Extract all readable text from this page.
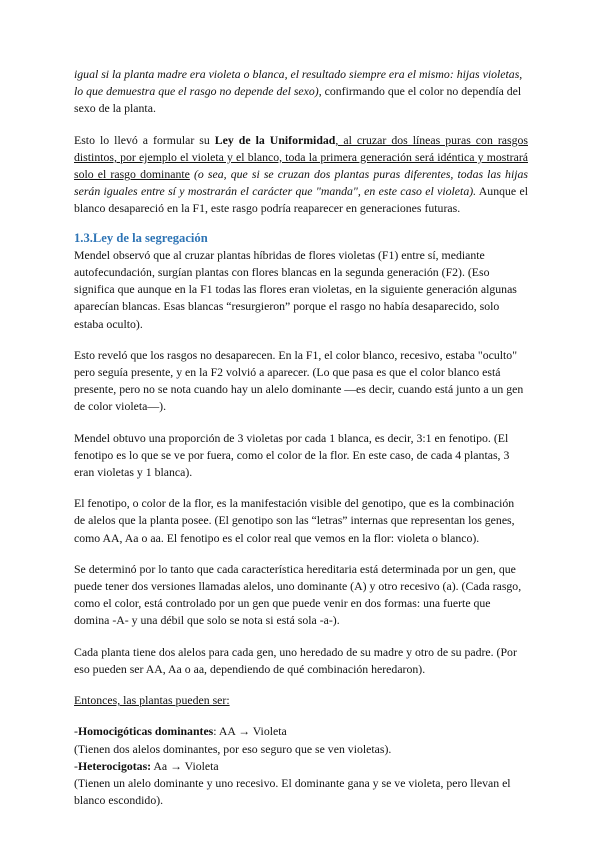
igual si la planta madre era violeta o blanca, el resultado siempre era el mismo: hijas violetas, lo que demuestra que el rasgo no depende del sexo), confirmando que el color no dependía del sexo de la planta.

Esto lo llevó a formular su Ley de la Uniformidad, al cruzar dos líneas puras con rasgos distintos, por ejemplo el violeta y el blanco, toda la primera generación será idéntica y mostrará solo el rasgo dominante (o sea, que si se cruzan dos plantas puras diferentes, todas las hijas serán iguales entre sí y mostrarán el carácter que "manda", en este caso el violeta). Aunque el blanco desapareció en la F1, este rasgo podría reaparecer en generaciones futuras.

1.3.Ley de la segregación

Mendel observó que al cruzar plantas híbridas de flores violetas (F1) entre sí, mediante autofecundación, surgían plantas con flores blancas en la segunda generación (F2). (Eso significa que aunque en la F1 todas las flores eran violetas, en la siguiente generación algunas aparecían blancas. Esas blancas “resurgieron” porque el rasgo no había desaparecido, solo estaba oculto).

Esto reveló que los rasgos no desaparecen. En la F1, el color blanco, recesivo, estaba "oculto" pero seguía presente, y en la F2 volvió a aparecer. (Lo que pasa es que el color blanco está presente, pero no se nota cuando hay un alelo dominante —es decir, cuando está junto a un gen de color violeta—).

Mendel obtuvo una proporción de 3 violetas por cada 1 blanca, es decir, 3:1 en fenotipo. (El fenotipo es lo que se ve por fuera, como el color de la flor. En este caso, de cada 4 plantas, 3 eran violetas y 1 blanca).

El fenotipo, o color de la flor, es la manifestación visible del genotipo, que es la combinación de alelos que la planta posee. (El genotipo son las “letras” internas que representan los genes, como AA, Aa o aa. El fenotipo es el color real que vemos en la flor: violeta o blanco).

Se determinó por lo tanto que cada característica hereditaria está determinada por un gen, que puede tener dos versiones llamadas alelos, uno dominante (A) y otro recesivo (a). (Cada rasgo, como el color, está controlado por un gen que puede venir en dos formas: una fuerte que domina -A- y una débil que solo se nota si está sola -a-).

Cada planta tiene dos alelos para cada gen, uno heredado de su madre y otro de su padre. (Por eso pueden ser AA, Aa o aa, dependiendo de qué combinación heredaron).

Entonces, las plantas pueden ser:

-Homocigóticas dominantes: AA → Violeta
(Tienen dos alelos dominantes, por eso seguro que se ven violetas).

-Heterocigotas: Aa → Violeta
(Tienen un alelo dominante y uno recesivo. El dominante gana y se ve violeta, pero llevan el blanco escondido).
